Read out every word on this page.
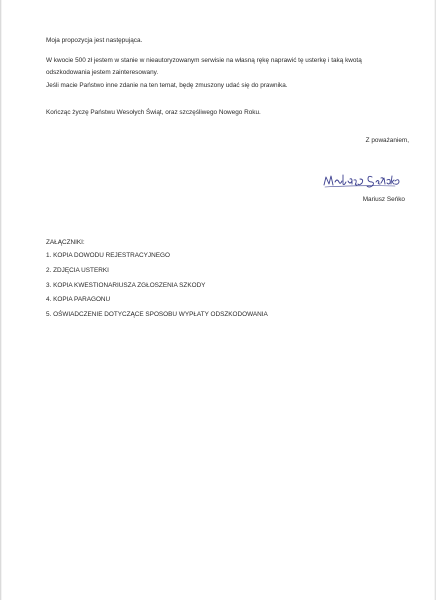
Moja propozycja jest następująca.
W kwocie 500 zł jestem w stanie w nieautoryzowanym serwisie na własną rękę naprawić tę usterkę i taką kwotą
odszkodowania jestem zainteresowany.
Jeśli macie Państwo inne zdanie na ten temat, będę zmuszony udać się do prawnika.
Kończąc życzę Państwu Wesołych Świąt, oraz szczęśliwego Nowego Roku.
Z poważaniem,
Mariusz Seńko
ZAŁĄCZNIKI:
1. KOPIA DOWODU REJESTRACYJNEGO
2. ZDJĘCIA USTERKI
3. KOPIA KWESTIONARIUSZA ZGŁOSZENIA SZKODY
4. KOPIA PARAGONU
5. OŚWIADCZENIE DOTYCZĄCE SPOSOBU WYPŁATY ODSZKODOWANIA
